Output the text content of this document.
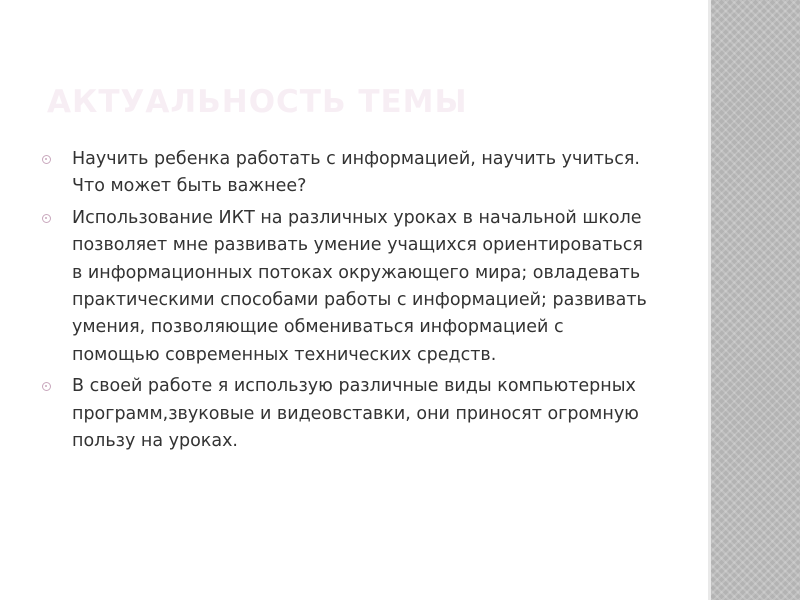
АКТУАЛЬНОСТЬ ТЕМЫ
Научить ребенка работать с информацией, научить учиться. Что может быть важнее?
Использование ИКТ на различных уроках в начальной школе позволяет мне развивать умение учащихся ориентироваться в информационных потоках окружающего мира; овладевать практическими способами работы с информацией; развивать умения, позволяющие обмениваться информацией с помощью современных технических средств.
В своей работе я использую различные виды компьютерных программ,звуковые и видеовставки, они приносят огромную пользу на уроках.
